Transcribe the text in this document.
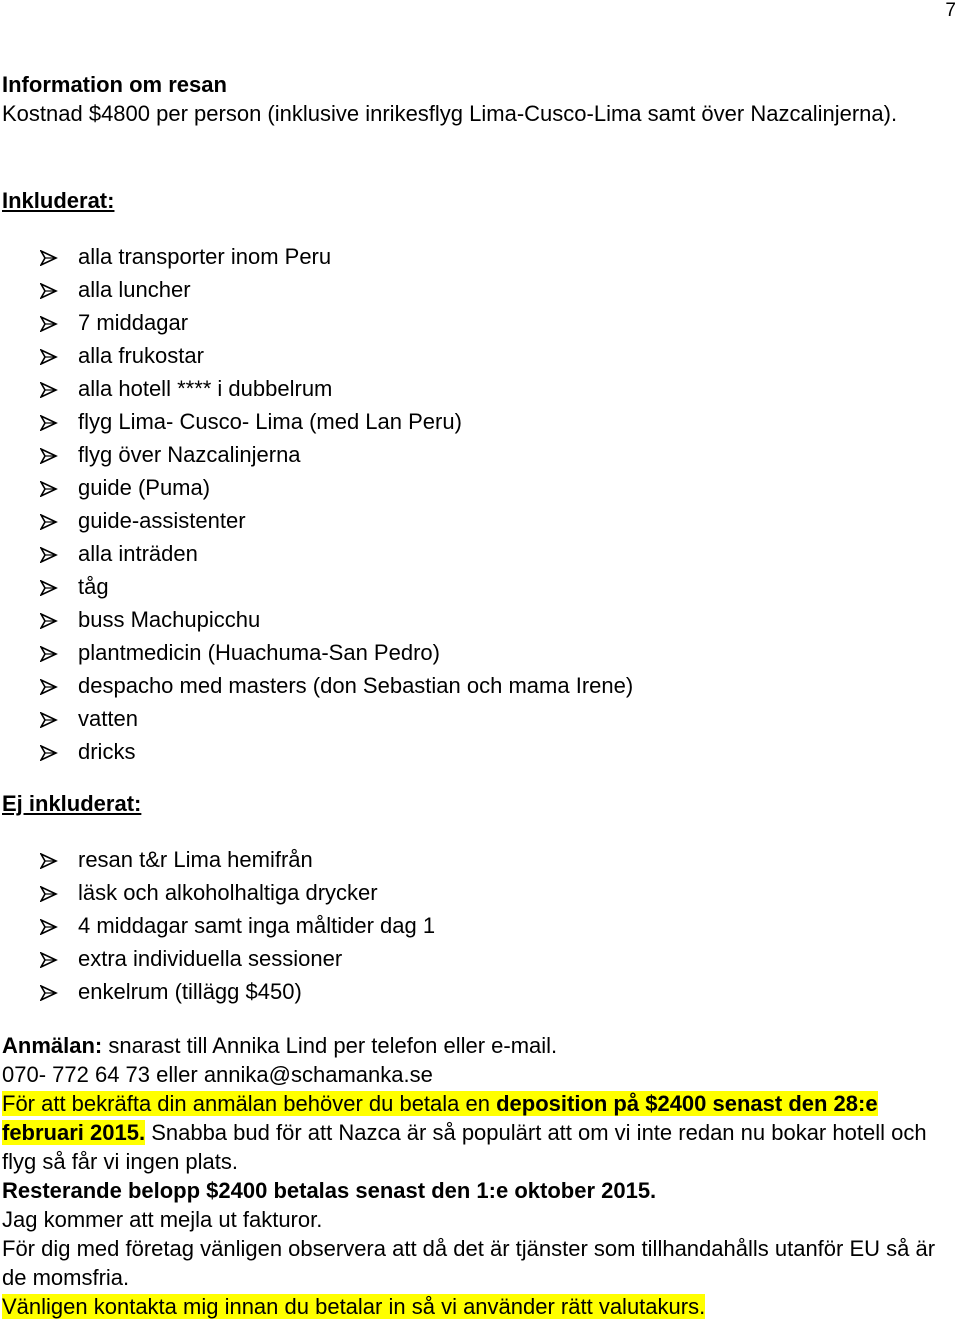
7

Information om resan

Kostnad $4800 per person (inklusive inrikesflyg Lima-Cusco-Lima samt över Nazcalinjerna).

Inkluderat:
alla transporter inom Peru
alla luncher
7 middagar
alla frukostar
alla hotell **** i dubbelrum
flyg Lima- Cusco- Lima (med Lan Peru)
flyg över Nazcalinjerna
guide (Puma)
guide-assistenter
alla inträden
tåg
buss Machupicchu
plantmedicin (Huachuma-San Pedro)
despacho med masters (don Sebastian och mama Irene)
vatten
dricks
Ej inkluderat:
resan t&r Lima hemifrån
läsk och alkoholhaltiga drycker
4 middagar samt inga måltider dag 1
extra individuella sessioner
enkelrum (tillägg $450)

Anmälan: snarast till Annika Lind per telefon eller e-mail.

070- 772 64 73 eller annika@schamanka.se

För att bekräfta din anmälan behöver du betala en deposition på $2400 senast den 28:e februari 2015. Snabba bud för att Nazca är så populärt att om vi inte redan nu bokar hotell och flyg så får vi ingen plats.

Resterande belopp $2400 betalas senast den 1:e oktober 2015.

Jag kommer att mejla ut fakturor.

För dig med företag vänligen observera att då det är tjänster som tillhandahålls utanför EU så är de momsfria.

Vänligen kontakta mig innan du betalar in så vi använder rätt valutakurs.
